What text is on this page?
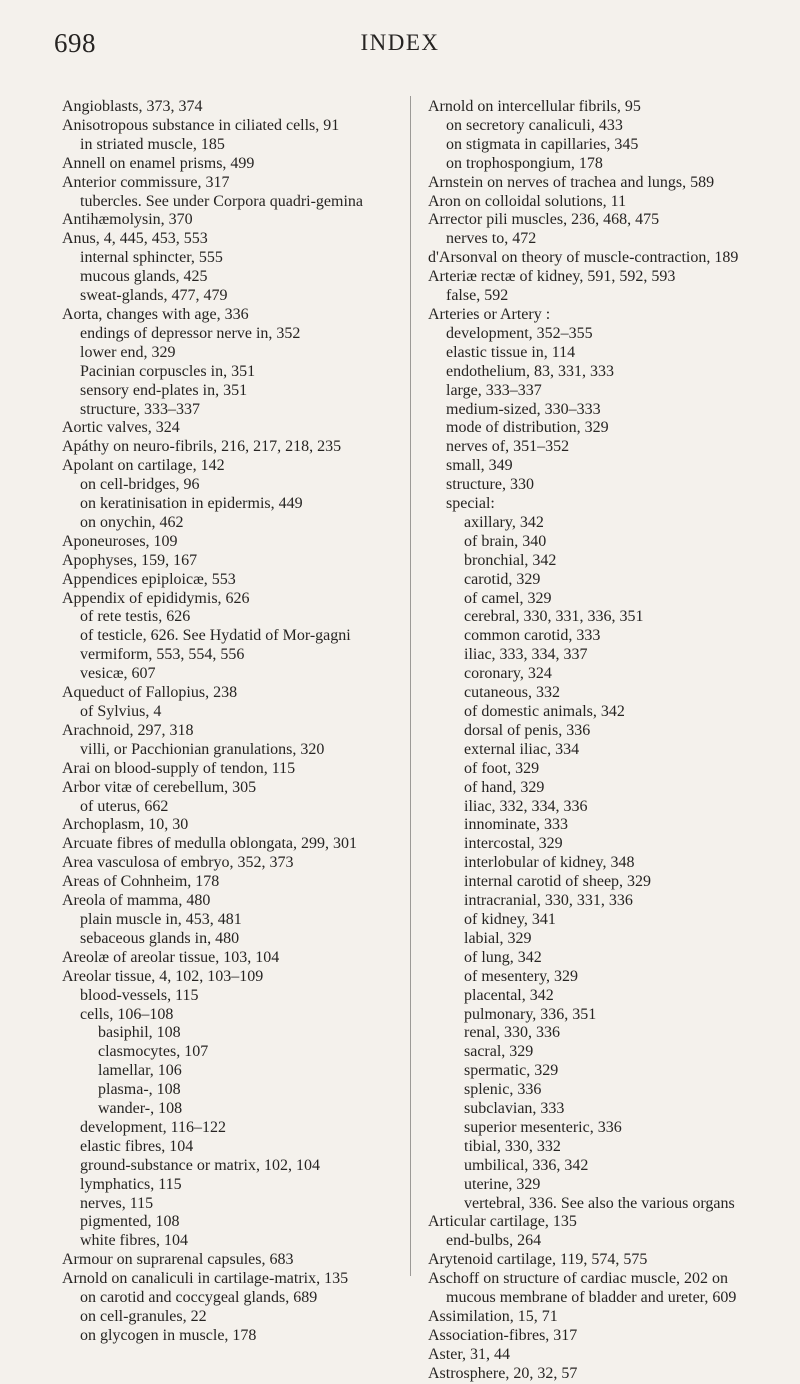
698	INDEX
Angioblasts, 373, 374
Anisotropous substance in ciliated cells, 91
in striated muscle, 185
Annell on enamel prisms, 499
Anterior commissure, 317
tubercles. See under Corpora quadri-gemina
Antihæmolysin, 370
Anus, 4, 445, 453, 553
internal sphincter, 555
mucous glands, 425
sweat-glands, 477, 479
Aorta, changes with age, 336
endings of depressor nerve in, 352
lower end, 329
Pacinian corpuscles in, 351
sensory end-plates in, 351
structure, 333–337
Aortic valves, 324
Apáthy on neuro-fibrils, 216, 217, 218, 235
Apolant on cartilage, 142
on cell-bridges, 96
on keratinisation in epidermis, 449
on onychin, 462
Aponeuroses, 109
Apophyses, 159, 167
Appendices epiploicæ, 553
Appendix of epididymis, 626
of rete testis, 626
of testicle, 626. See Hydatid of Mor-gagni
vermiform, 553, 554, 556
vesicæ, 607
Aqueduct of Fallopius, 238
of Sylvius, 4
Arachnoid, 297, 318
villi, or Pacchionian granulations, 320
Arai on blood-supply of tendon, 115
Arbor vitæ of cerebellum, 305
of uterus, 662
Archoplasm, 10, 30
Arcuate fibres of medulla oblongata, 299, 301
Area vasculosa of embryo, 352, 373
Areas of Cohnheim, 178
Areola of mamma, 480
plain muscle in, 453, 481
sebaceous glands in, 480
Areolæ of areolar tissue, 103, 104
Areolar tissue, 4, 102, 103–109
blood-vessels, 115
cells, 106–108
basiphil, 108
clasmocytes, 107
lamellar, 106
plasma-, 108
wander-, 108
development, 116–122
elastic fibres, 104
ground-substance or matrix, 102, 104
lymphatics, 115
nerves, 115
pigmented, 108
white fibres, 104
Armour on suprarenal capsules, 683
Arnold on canaliculi in cartilage-matrix, 135
on carotid and coccygeal glands, 689
on cell-granules, 22
on glycogen in muscle, 178
Arnold on intercellular fibrils, 95
on secretory canaliculi, 433
on stigmata in capillaries, 345
on trophospongium, 178
Arnstein on nerves of trachea and lungs, 589
Aron on colloidal solutions, 11
Arrector pili muscles, 236, 468, 475
nerves to, 472
d'Arsonval on theory of muscle-contraction, 189
Arteriæ rectæ of kidney, 591, 592, 593
false, 592
Arteries or Artery :
development, 352–355
elastic tissue in, 114
endothelium, 83, 331, 333
large, 333–337
medium-sized, 330–333
mode of distribution, 329
nerves of, 351–352
small, 349
structure, 330
special:
axillary, 342
of brain, 340
bronchial, 342
carotid, 329
of camel, 329
cerebral, 330, 331, 336, 351
common carotid, 333
iliac, 333, 334, 337
coronary, 324
cutaneous, 332
of domestic animals, 342
dorsal of penis, 336
external iliac, 334
of foot, 329
of hand, 329
iliac, 332, 334, 336
innominate, 333
intercostal, 329
interlobular of kidney, 348
internal carotid of sheep, 329
intracranial, 330, 331, 336
of kidney, 341
labial, 329
of lung, 342
of mesentery, 329
placental, 342
pulmonary, 336, 351
renal, 330, 336
sacral, 329
spermatic, 329
splenic, 336
subclavian, 333
superior mesenteric, 336
tibial, 330, 332
umbilical, 336, 342
uterine, 329
vertebral, 336. See also the various organs
Articular cartilage, 135
end-bulbs, 264
Arytenoid cartilage, 119, 574, 575
Aschoff on structure of cardiac muscle, 202 on mucous membrane of bladder and ureter, 609
Assimilation, 15, 71
Association-fibres, 317
Aster, 31, 44
Astrosphere, 20, 32, 57
